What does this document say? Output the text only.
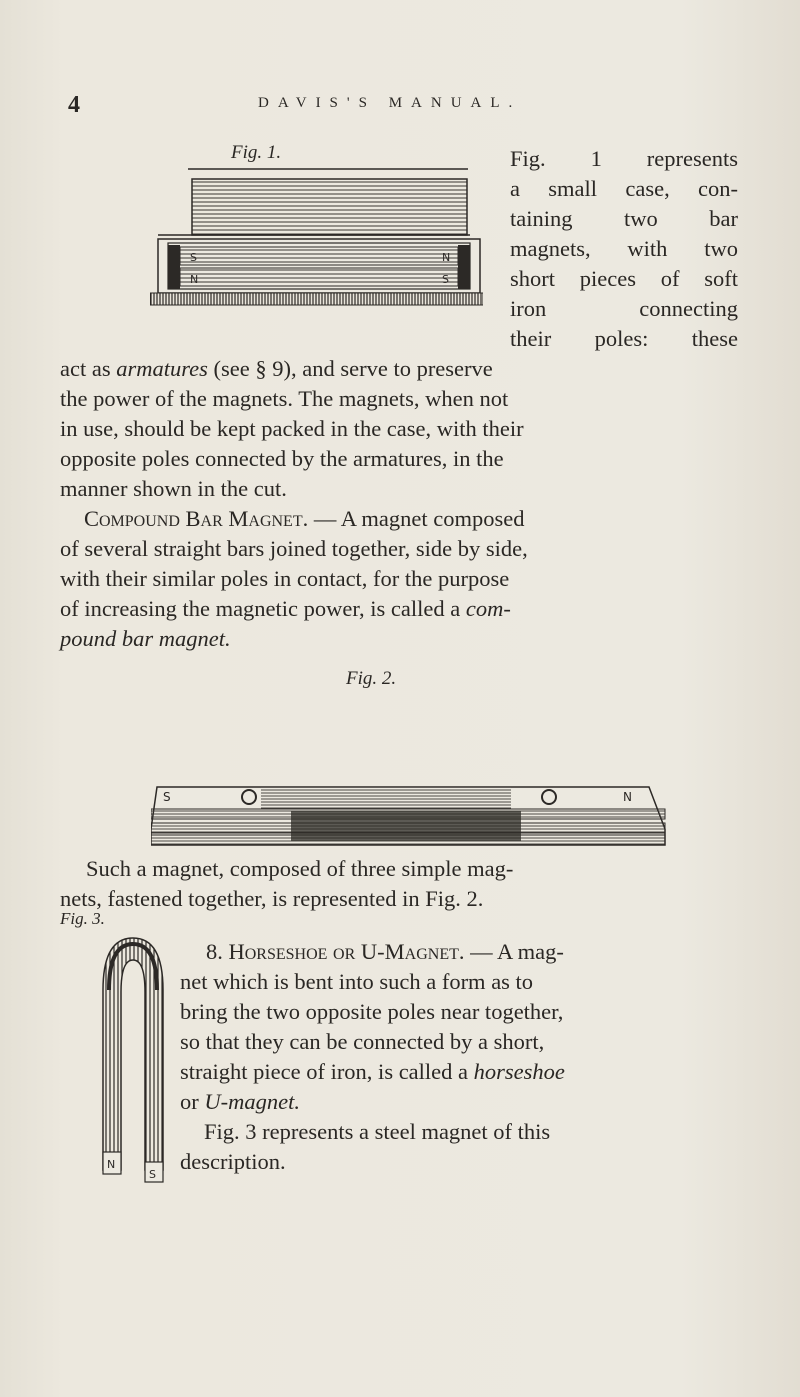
4	DAVIS'S MANUAL.
Fig. 1.
S	N
N	S
Fig. 1 represents
a small case, con-
taining two bar
magnets, with two
short pieces of soft
iron connecting
their poles: these
act as armatures (see § 9), and serve to preserve
the power of the magnets. The magnets, when not
in use, should be kept packed in the case, with their
opposite poles connected by the armatures, in the
manner shown in the cut.
Compound Bar Magnet. — A magnet composed
of several straight bars joined together, side by side,
with their similar poles in contact, for the purpose
of increasing the magnetic power, is called a com-
pound bar magnet.
Fig. 2.
S	N
Such a magnet, composed of three simple mag-
nets, fastened together, is represented in Fig. 2.
Fig. 3.
N
S
8. Horseshoe or U-Magnet. — A mag-
net which is bent into such a form as to
bring the two opposite poles near together,
so that they can be connected by a short,
straight piece of iron, is called a horseshoe
or U-magnet.
Fig. 3 represents a steel magnet of this
description.
